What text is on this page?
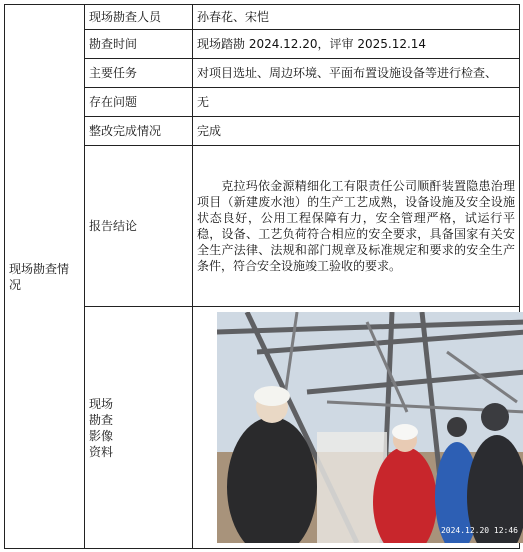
现场勘查情况	现场勘查人员	孙春花、宋恺
	勘查时间	现场踏勘 2024.12.20，评审 2025.12.14
	主要任务	对项目选址、周边环境、平面布置设施设备等进行检查、
	存在问题	无
	整改完成情况	完成
	报告结论	克拉玛依金源精细化工有限责任公司顺酐装置隐患治理项目（新建废水池）的生产工艺成熟，设备设施及安全设施状态良好，公用工程保障有力，安全管理严格，试运行平稳，设备、工艺负荷符合相应的安全要求，具备国家有关安全生产法律、法规和部门规章及标准规定和要求的安全生产条件，符合安全设施竣工验收的要求。

	现场勘查影像资料	2024.12.20 12:46
